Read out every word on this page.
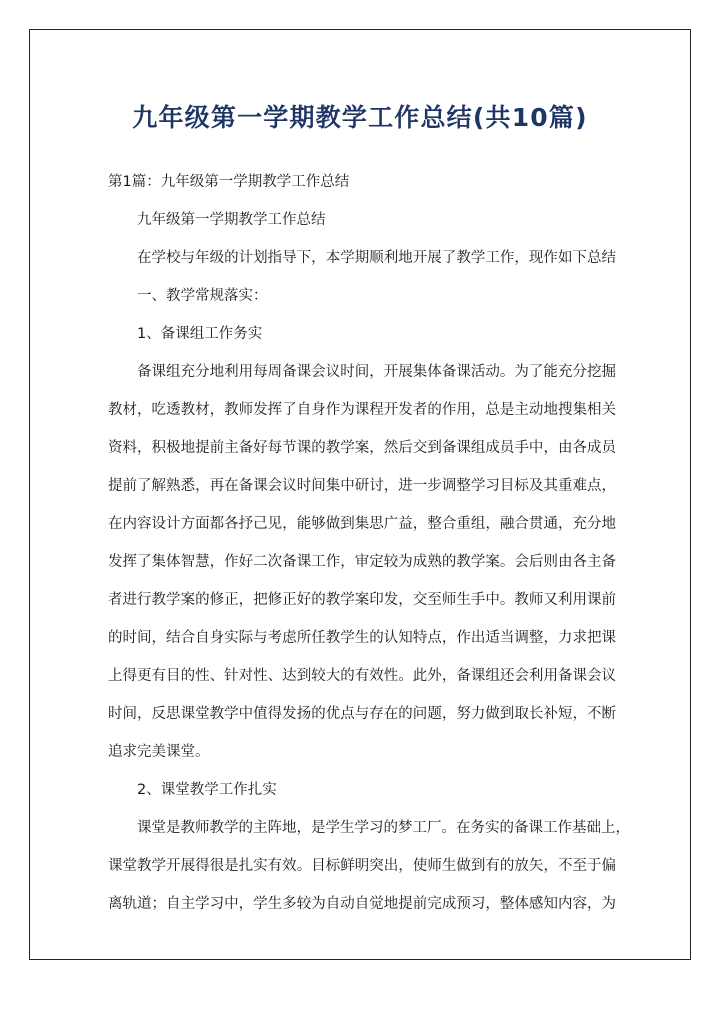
九年级第一学期教学工作总结(共10篇)
第1篇：九年级第一学期教学工作总结
九年级第一学期教学工作总结
在学校与年级的计划指导下，本学期顺利地开展了教学工作，现作如下总结
一、教学常规落实：
1、备课组工作务实
备课组充分地利用每周备课会议时间，开展集体备课活动。为了能充分挖掘
教材，吃透教材，教师发挥了自身作为课程开发者的作用，总是主动地搜集相关
资料，积极地提前主备好每节课的教学案，然后交到备课组成员手中，由各成员
提前了解熟悉，再在备课会议时间集中研讨，进一步调整学习目标及其重难点，
在内容设计方面都各抒己见，能够做到集思广益，整合重组，融合贯通，充分地
发挥了集体智慧，作好二次备课工作，审定较为成熟的教学案。会后则由各主备
者进行教学案的修正，把修正好的教学案印发，交至师生手中。教师又利用课前
的时间，结合自身实际与考虑所任教学生的认知特点，作出适当调整，力求把课
上得更有目的性、针对性、达到较大的有效性。此外，备课组还会利用备课会议
时间，反思课堂教学中值得发扬的优点与存在的问题，努力做到取长补短，不断
追求完美课堂。
2、课堂教学工作扎实
课堂是教师教学的主阵地，是学生学习的梦工厂。在务实的备课工作基础上，
课堂教学开展得很是扎实有效。目标鲜明突出，使师生做到有的放矢，不至于偏
离轨道；自主学习中，学生多较为自动自觉地提前完成预习，整体感知内容，为
